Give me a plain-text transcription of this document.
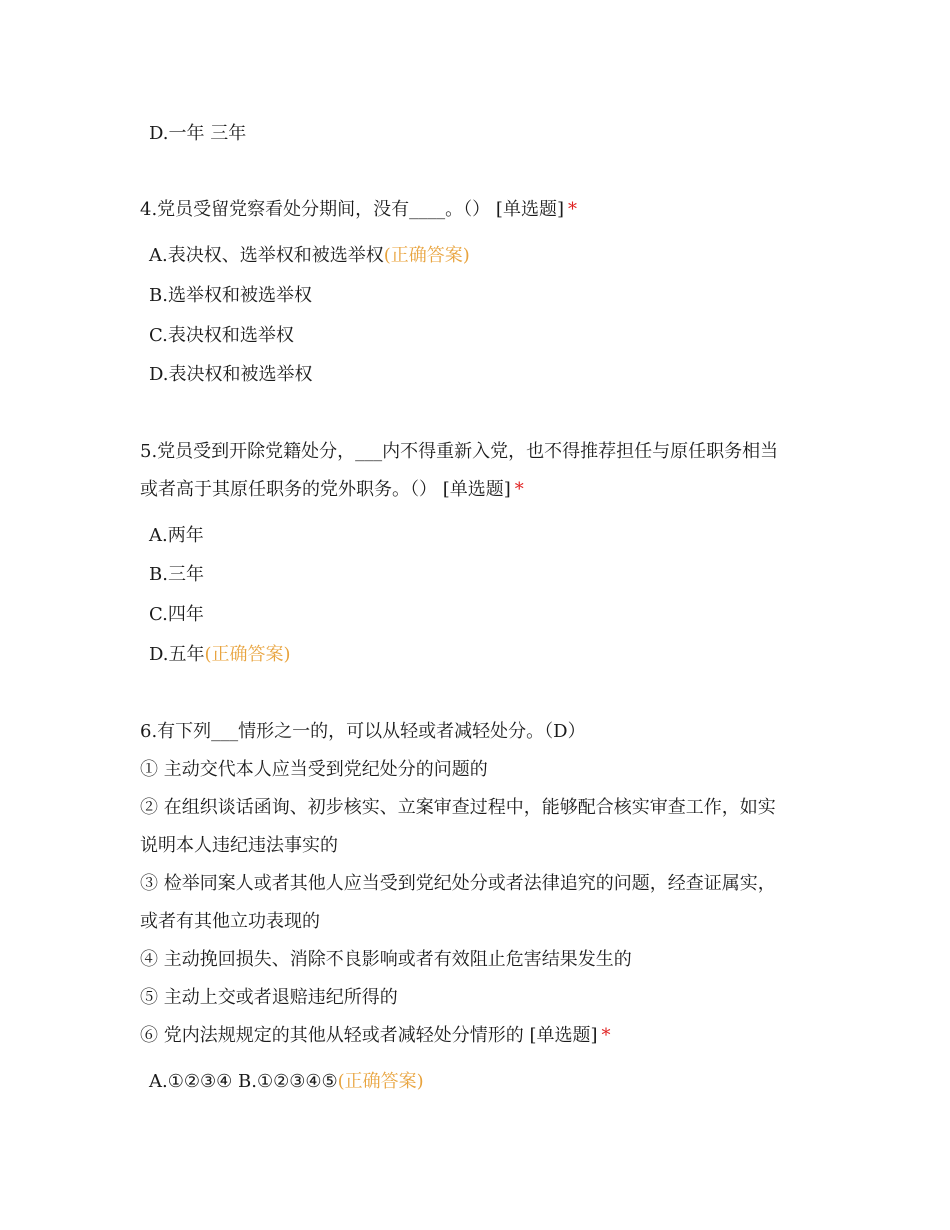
D.一年 三年
4.党员受留党察看处分期间，没有____。（） [单选题] *
A.表决权、选举权和被选举权(正确答案)
B.选举权和被选举权
C.表决权和选举权
D.表决权和被选举权
5.党员受到开除党籍处分，___内不得重新入党，也不得推荐担任与原任职务相当
或者高于其原任职务的党外职务。（） [单选题] *
A.两年
B.三年
C.四年
D.五年(正确答案)
6.有下列___情形之一的，可以从轻或者减轻处分。（D）
① 主动交代本人应当受到党纪处分的问题的
② 在组织谈话函询、初步核实、立案审查过程中，能够配合核实审查工作，如实
说明本人违纪违法事实的
③ 检举同案人或者其他人应当受到党纪处分或者法律追究的问题，经查证属实，
或者有其他立功表现的
④ 主动挽回损失、消除不良影响或者有效阻止危害结果发生的
⑤ 主动上交或者退赔违纪所得的
⑥ 党内法规规定的其他从轻或者减轻处分情形的 [单选题] *
A.①②③④ B.①②③④⑤(正确答案)
